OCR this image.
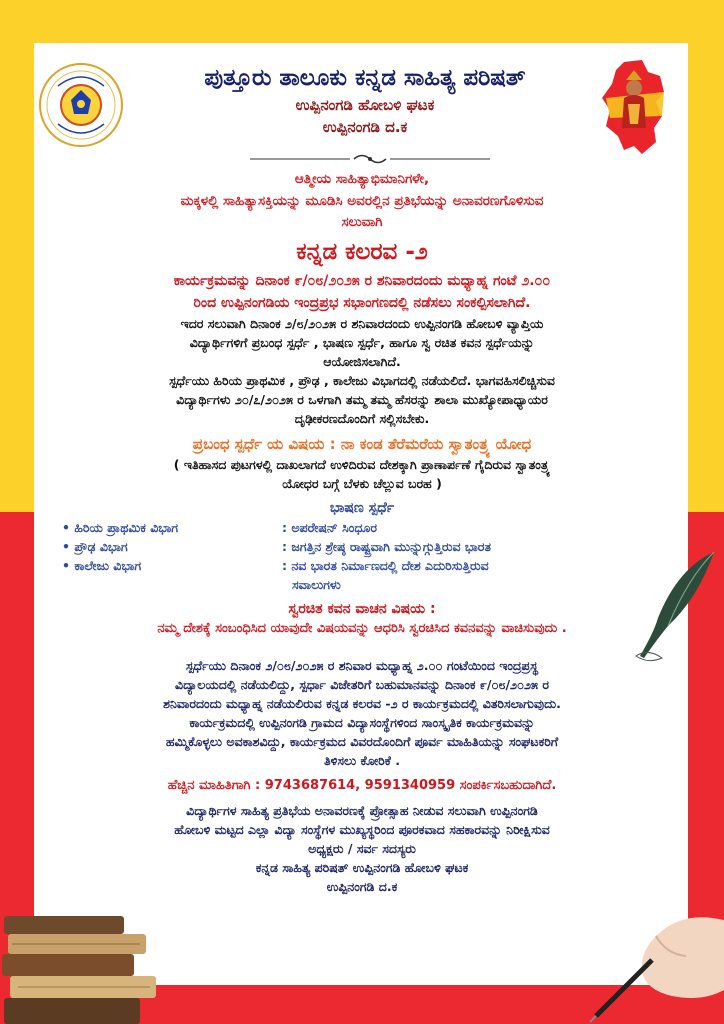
ಪುತ್ತೂರು ತಾಲೂಕು ಕನ್ನಡ ಸಾಹಿತ್ಯ ಪರಿಷತ್
ಉಪ್ಪಿನಂಗಡಿ ಹೋಬಳಿ ಘಟಕ
ಉಪ್ಪಿನಂಗಡಿ ದ.ಕ

ಆತ್ಮೀಯ ಸಾಹಿತ್ಯಾಭಿಮಾನಿಗಳೇ,

ಮಕ್ಕಳಲ್ಲಿ ಸಾಹಿತ್ಯಾಸಕ್ತಿಯನ್ನು ಮೂಡಿಸಿ ಅವರಲ್ಲಿನ ಪ್ರತಿಭೆಯನ್ನು ಅನಾವರಣಗೊಳಿಸುವ

ಸಲುವಾಗಿ

ಕನ್ನಡ ಕಲರವ -೨

ಕಾರ್ಯಕ್ರಮವನ್ನು ದಿನಾಂಕ ೯/೦೮/೨೦೨೫ ರ ಶನಿವಾರದಂದು ಮಧ್ಯಾಹ್ನ ಗಂಟೆ ೨.೦೦

ರಿಂದ ಉಪ್ಪಿನಂಗಡಿಯ ಇಂದ್ರಪ್ರಭ ಸಭಾಂಗಣದಲ್ಲಿ ನಡೆಸಲು ಸಂಕಲ್ಪಿಸಲಾಗಿದೆ.

ಇದರ ಸಲುವಾಗಿ ದಿನಾಂಕ ೨/೮/೨೦೨೫ ರ ಶನಿವಾರದಂದು ಉಪ್ಪಿನಂಗಡಿ ಹೋಬಳಿ ವ್ಯಾಪ್ತಿಯ

ವಿದ್ಯಾರ್ಥಿಗಳಿಗೆ ಪ್ರಬಂಧ ಸ್ಪರ್ಧೆ , ಭಾಷಣ ಸ್ಪರ್ಧೆ, ಹಾಗೂ ಸ್ವ ರಚಿತ ಕವನ ಸ್ಪರ್ಧೆಯನ್ನು

ಆಯೋಜಿಸಲಾಗಿದೆ.

ಸ್ಪರ್ಧೆಯು ಹಿರಿಯ ಪ್ರಾಥಮಿಕ , ಪ್ರೌಢ , ಕಾಲೇಜು ವಿಭಾಗದಲ್ಲಿ ನಡೆಯಲಿದೆ. ಭಾಗವಹಿಸಲಿಚ್ಚಿಸುವ

ವಿದ್ಯಾರ್ಥಿಗಳು ೨೦/೭/೨೦೨೫ ರ ಒಳಗಾಗಿ ತಮ್ಮ ತಮ್ಮ ಹೆಸರನ್ನು ಶಾಲಾ ಮುಖ್ಯೋಪಾಧ್ಯಾಯರ

ದೃಢೀಕರಣದೊಂದಿಗೆ ಸಲ್ಲಿಸಬೇಕು.

ಪ್ರಬಂಧ ಸ್ಪರ್ಧೆ ಯ ವಿಷಯ : ನಾ ಕಂಡ ತೆರೆಮರೆಯ ಸ್ವಾತಂತ್ರ್ಯ ಯೋಧ

( ಇತಿಹಾಸದ ಪುಟಗಳಲ್ಲಿ ದಾಖಲಾಗದೆ ಉಳಿದಿರುವ ದೇಶಕ್ಕಾಗಿ ಪ್ರಾಣಾರ್ಪಣೆ ಗೈದಿರುವ ಸ್ವಾತಂತ್ರ್ಯ

ಯೋಧರ ಬಗ್ಗೆ ಬೆಳಕು ಚೆಲ್ಲುವ ಬರಹ )

ಭಾಷಣ ಸ್ಪರ್ಧೆ

• ಹಿರಿಯ ಪ್ರಾಥಮಿಕ ವಿಭಾಗ	: ಅಪರೇಷನ್ ಸಿಂಧೂರ
• ಪ್ರೌಢ ವಿಭಾಗ	: ಜಗತ್ತಿನ ಶ್ರೇಷ್ಠ ರಾಷ್ಟ್ರವಾಗಿ ಮುನ್ನುಗ್ಗುತ್ತಿರುವ ಭಾರತ
• ಕಾಲೇಜು ವಿಭಾಗ	: ನವ ಭಾರತ ನಿರ್ಮಾಣದಲ್ಲಿ ದೇಶ ಎದುರಿಸುತ್ತಿರುವ
ಸವಾಲುಗಳು

ಸ್ವರಚಿತ ಕವನ ವಾಚನ ವಿಷಯ :

ನಮ್ಮ ದೇಶಕ್ಕೆ ಸಂಬಂಧಿಸಿದ ಯಾವುದೇ ವಿಷಯವನ್ನು ಆಧರಿಸಿ ಸ್ವರಚಿಸಿದ ಕವನವನ್ನು ವಾಚಿಸುವುದು .

ಸ್ಪರ್ಧೆಯು ದಿನಾಂಕ ೨/೦೮/೨೦೨೫ ರ ಶನಿವಾರ ಮಧ್ಯಾಹ್ನ ೨.೦೦ ಗಂಟೆಯಿಂದ ಇಂದ್ರಪ್ರಸ್ಥ

ವಿದ್ಯಾಲಯದಲ್ಲಿ ನಡೆಯಲಿದ್ದು, ಸ್ಪರ್ಧಾ ವಿಜೇತರಿಗೆ ಬಹುಮಾನವನ್ನು ದಿನಾಂಕ ೯/೦೮/೨೦೨೫ ರ

ಶನಿವಾರದಂದು ಮಧ್ಯಾಹ್ನ ನಡೆಯಲಿರುವ ಕನ್ನಡ ಕಲರವ -೨ ರ ಕಾರ್ಯಕ್ರಮದಲ್ಲಿ ವಿತರಿಸಲಾಗುವುದು.

ಕಾರ್ಯಕ್ರಮದಲ್ಲಿ ಉಪ್ಪಿನಂಗಡಿ ಗ್ರಾಮದ ವಿದ್ಯಾಸಂಸ್ಥೆಗಳಿಂದ ಸಾಂಸ್ಕೃತಿಕ ಕಾರ್ಯಕ್ರಮವನ್ನು

ಹಮ್ಮಿಕೊಳ್ಳಲು ಅವಕಾಶವಿದ್ದು, ಕಾರ್ಯಕ್ರಮದ ವಿವರದೊಂದಿಗೆ ಪೂರ್ವ ಮಾಹಿತಿಯನ್ನು ಸಂಘಟಕರಿಗೆ

ತಿಳಿಸಲು ಕೋರಿಕೆ .

ಹೆಚ್ಚಿನ ಮಾಹಿತಿಗಾಗಿ : 9743687614, 9591340959 ಸಂಪರ್ಕಿಸಬಹುದಾಗಿದೆ.

ವಿದ್ಯಾರ್ಥಿಗಳ ಸಾಹಿತ್ಯ ಪ್ರತಿಭೆಯ ಅನಾವರಣಕ್ಕೆ ಪ್ರೋತ್ಸಾಹ ನೀಡುವ ಸಲುವಾಗಿ ಉಪ್ಪಿನಂಗಡಿ

ಹೋಬಳಿ ಮಟ್ಟದ ಎಲ್ಲಾ ವಿದ್ಯಾ ಸಂಸ್ಥೆಗಳ ಮುಖ್ಯಸ್ಥರಿಂದ ಪೂರಕವಾದ ಸಹಕಾರವನ್ನು ನಿರೀಕ್ಷಿಸುವ

ಅಧ್ಯಕ್ಷರು / ಸರ್ವ ಸದಸ್ಯರು

ಕನ್ನಡ ಸಾಹಿತ್ಯ ಪರಿಷತ್ ಉಪ್ಪಿನಂಗಡಿ ಹೋಬಳಿ ಘಟಕ

ಉಪ್ಪಿನಂಗಡಿ ದ.ಕ
